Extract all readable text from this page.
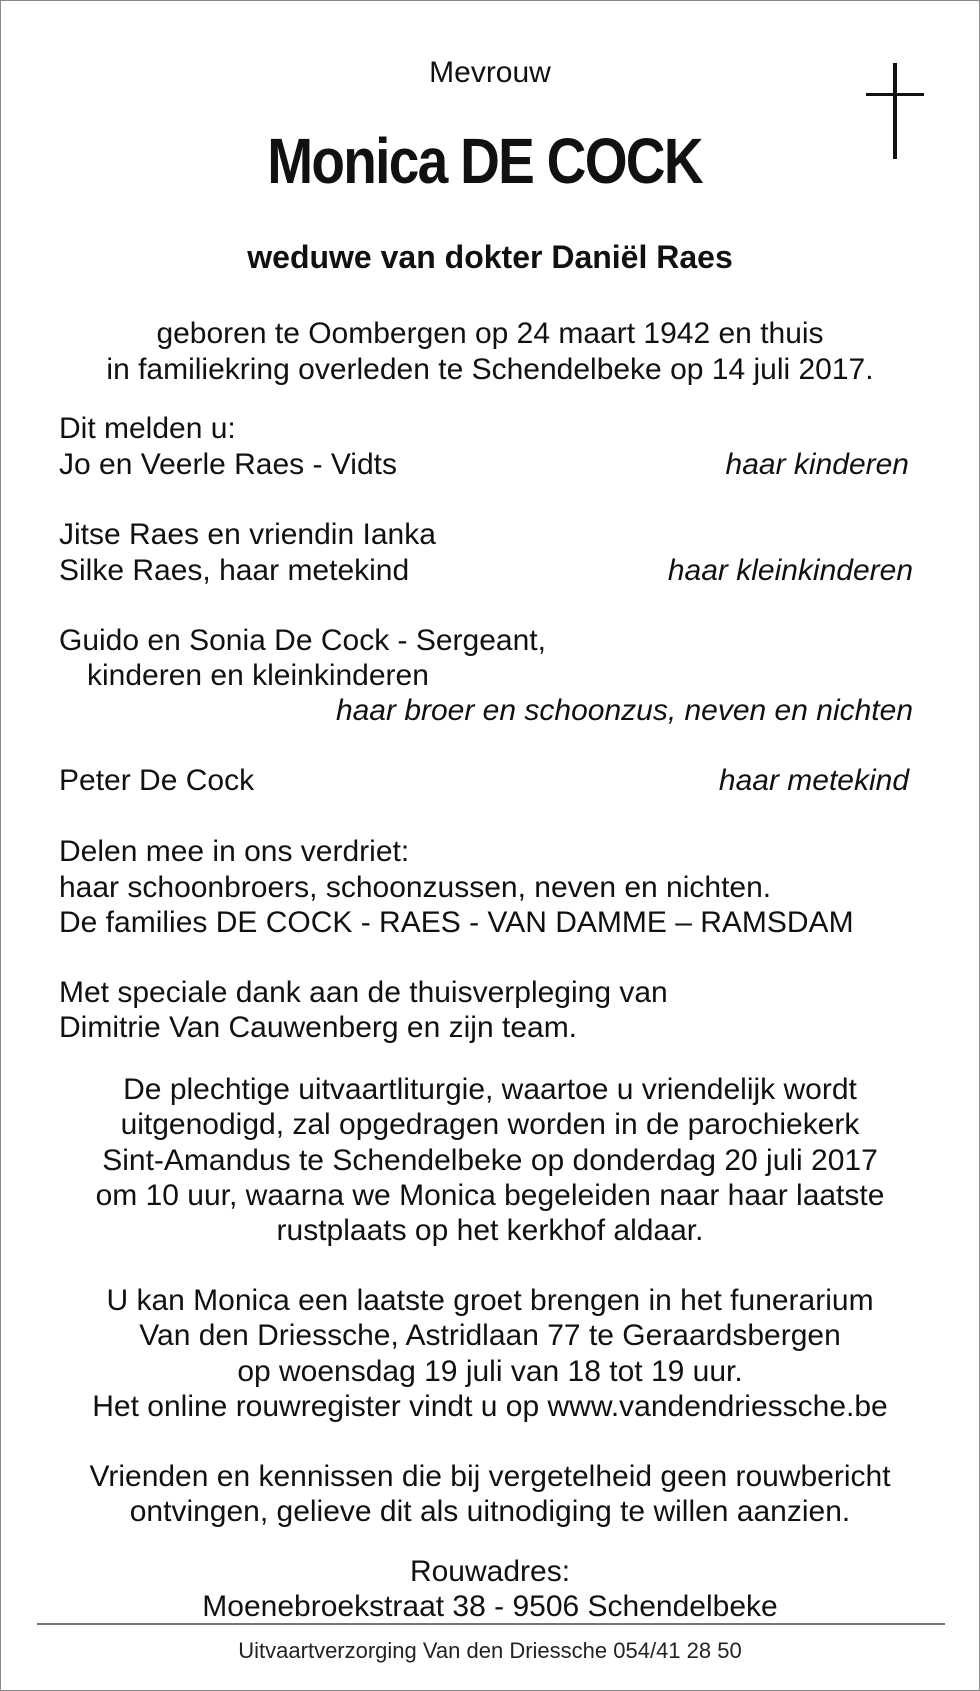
Mevrouw
Monica DE COCK
weduwe van dokter Daniël Raes
geboren te Oombergen op 24 maart 1942 en thuis
in familiekring overleden te Schendelbeke op 14 juli 2017.
Dit melden u:
Jo en Veerle Raes - Vidts	haar kinderen
Jitse Raes en vriendin Ianka
Silke Raes, haar metekind	haar kleinkinderen
Guido en Sonia De Cock - Sergeant,
kinderen en kleinkinderen
haar broer en schoonzus, neven en nichten
Peter De Cock	haar metekind
Delen mee in ons verdriet:
haar schoonbroers, schoonzussen, neven en nichten.
De families DE COCK - RAES - VAN DAMME – RAMSDAM
Met speciale dank aan de thuisverpleging van
Dimitrie Van Cauwenberg en zijn team.
De plechtige uitvaartliturgie, waartoe u vriendelijk wordt
uitgenodigd, zal opgedragen worden in de parochiekerk
Sint-Amandus te Schendelbeke op donderdag 20 juli 2017
om 10 uur, waarna we Monica begeleiden naar haar laatste
rustplaats op het kerkhof aldaar.
U kan Monica een laatste groet brengen in het funerarium
Van den Driessche, Astridlaan 77 te Geraardsbergen
op woensdag 19 juli van 18 tot 19 uur.
Het online rouwregister vindt u op www.vandendriessche.be
Vrienden en kennissen die bij vergetelheid geen rouwbericht
ontvingen, gelieve dit als uitnodiging te willen aanzien.
Rouwadres:
Moenebroekstraat 38 - 9506 Schendelbeke
Uitvaartverzorging Van den Driessche 054/41 28 50
